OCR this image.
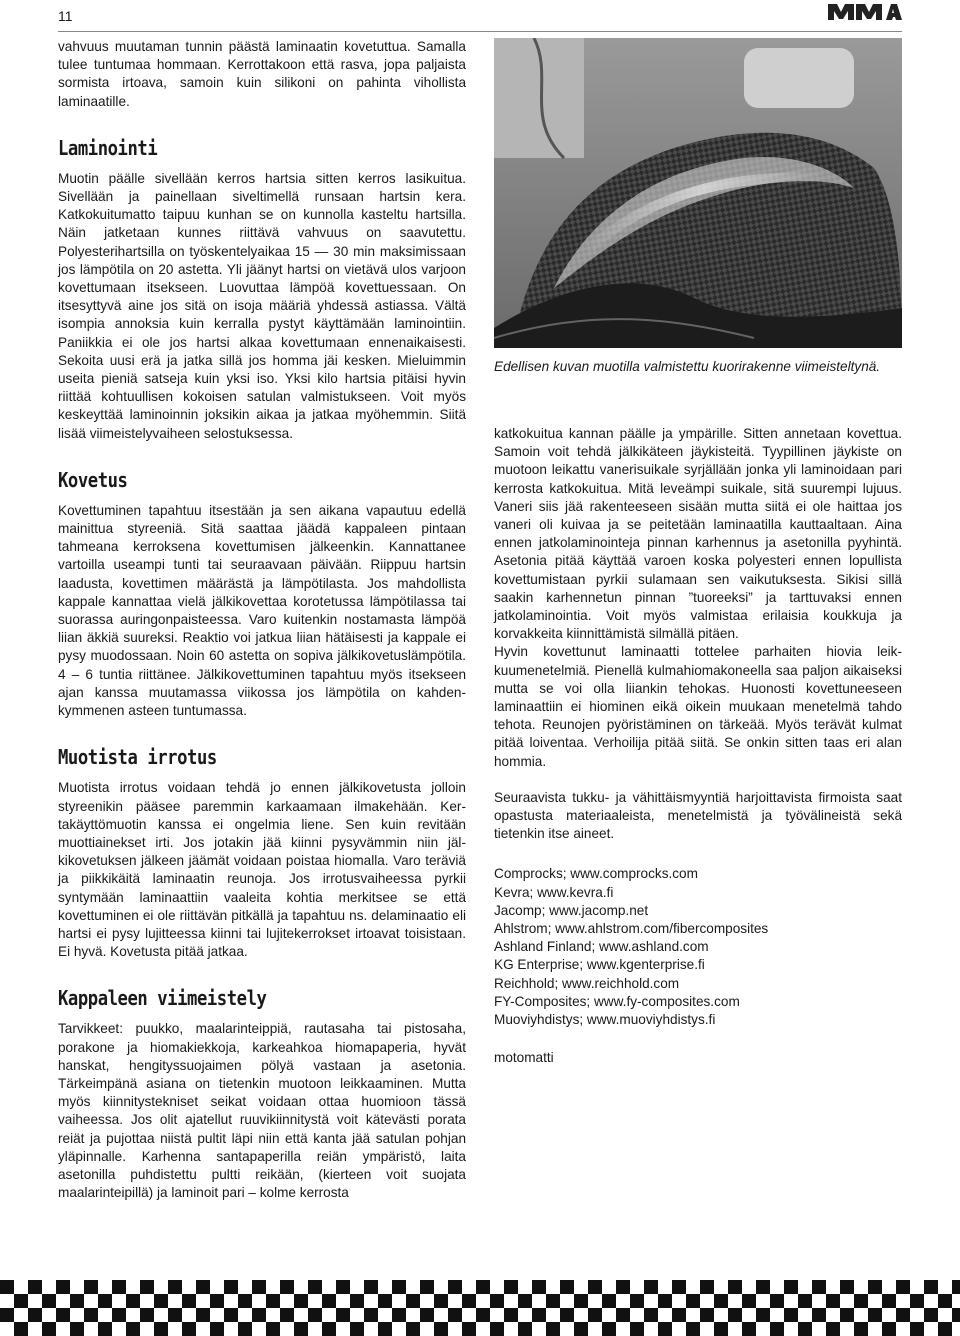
11

vahvuus muutaman tunnin päästä laminaatin kovetuttua. Samalla tulee tuntumaa hommaan. Kerrottakoon että rasva, jopa paljaista sormista irtoava, samoin kuin silikoni on pahinta vihollista laminaatille.

Laminointi

Muotin päälle sivellään kerros hartsia sitten kerros lasikuitua. Sivellään ja painellaan siveltimellä runsaan hartsin kera. Katkokuitumatto taipuu kunhan se on kunnolla kasteltu hartsilla. Näin jatketaan kunnes riittävä vahvuus on saavutettu. Polyesterihartsilla on työskentelyaikaa 15 — 30 min maksimissaan jos lämpötila on 20 astetta. Yli jäänyt hartsi on vietävä ulos varjoon kovettumaan itsekseen. Luovuttaa lämpöä kovettuessaan. On itsesyttyvä aine jos sitä on isoja määriä yhdessä astiassa. Vältä isompia annoksia kuin kerralla pystyt käyttämään laminointiin. Paniikkia ei ole jos hartsi alkaa kovettumaan ennenaikaisesti. Sekoita uusi erä ja jatka sillä jos homma jäi kesken. Mieluimmin useita pieniä satseja kuin yksi iso. Yksi kilo hartsia pitäisi hyvin riittää kohtuullisen kokoisen satulan valmistukseen. Voit myös keskeyttää laminoinnin joksikin aikaa ja jatkaa myöhemmin. Siitä lisää viimeistelyvaiheen selostuksessa.

Kovetus

Kovettuminen tapahtuu itsestään ja sen aikana vapautuu edellä mainittua styreeniä. Sitä saattaa jäädä kappaleen pintaan tahmeana kerroksena kovettumisen jälkeenkin. Kannattanee vartoilla useampi tunti tai seuraavaan päivään. Riippuu hartsin laadusta, kovettimen määrästä ja lämpötilasta. Jos mahdollista kappale kannattaa vielä jälkikovettaa korotetussa lämpötilassa tai suorassa auringonpaisteessa. Varo kuitenkin nostamasta lämpöä liian äkkiä suureksi. Reaktio voi jatkua liian hätäisesti ja kappale ei pysy muodossaan. Noin 60 astetta on sopiva jälkikovetuslämpötila. 4 – 6 tuntia riittänee. Jälkikovettuminen tapahtuu myös itsekseen ajan kanssa muutamassa viikossa jos lämpötila on kahdenkymmenen asteen tuntumassa.

Muotista irrotus

Muotista irrotus voidaan tehdä jo ennen jälkikovetusta jolloin styreenikin pääsee paremmin karkaamaan ilmakehään. Kertakäyttömuotin kanssa ei ongelmia liene. Sen kuin revitään muottiainekset irti. Jos jotakin jää kiinni pysyvämmin niin jälkikovetuksen jälkeen jäämät voidaan poistaa hiomalla. Varo teräviä ja piikkikäitä laminaatin reunoja. Jos irrotusvaiheessa pyrkii syntymään laminaattiin vaaleita kohtia merkitsee se että kovettuminen ei ole riittävän pitkällä ja tapahtuu ns. delaminaatio eli hartsi ei pysy lujitteessa kiinni tai lujitekerrokset irtoavat toisistaan. Ei hyvä. Kovetusta pitää jatkaa.

Kappaleen viimeistely

Tarvikkeet: puukko, maalarinteippiä, rautasaha tai pistosaha, porakone ja hiomakiekkoja, karkeahkoa hiomapaperia, hyvät hanskat, hengityssuojaimen pölyä vastaan ja asetonia. Tärkeimpänä asiana on tietenkin muotoon leikkaaminen. Mutta myös kiinnitystekniset seikat voidaan ottaa huomioon tässä vaiheessa. Jos olit ajatellut ruuvikiinnitystä voit kätevästi porata reiät ja pujottaa niistä pultit läpi niin että kanta jää satulan pohjan yläpinnalle. Karhenna santapaperilla reiän ympäristö, laita asetonilla puhdistettu pultti reikään, (kierteen voit suojata maalarinteipillä) ja laminoit pari – kolme kerrosta

Edellisen kuvan muotilla valmistettu kuorirakenne viimeisteltynä.

katkokuitua kannan päälle ja ympärille. Sitten annetaan kovettua. Samoin voit tehdä jälkikäteen jäykisteitä. Tyypillinen jäykiste on muotoon leikattu vanerisuikale syrjällään jonka yli laminoidaan pari kerrosta katkokuitua. Mitä leveämpi suikale, sitä suurempi lujuus. Vaneri siis jää rakenteeseen sisään mutta siitä ei ole haittaa jos vaneri oli kuivaa ja se peitetään laminaatilla kauttaaltaan. Aina ennen jatkolaminointeja pinnan karhennus ja asetonilla pyyhintä. Asetonia pitää käyttää varoen koska polyesteri ennen lopullista kovettumistaan pyrkii sulamaan sen vaikutuksesta. Sikisi sillä saakin karhennetun pinnan ”tuoreeksi” ja tarttuvaksi ennen jatkolaminointia. Voit myös valmistaa erilaisia koukkuja ja korvakkeita kiinnittämistä silmällä pitäen.

Hyvin kovettunut laminaatti tottelee parhaiten hiovia leikkuumenetelmiä. Pienellä kulmahiomakoneella saa paljon aikaiseksi mutta se voi olla liiankin tehokas. Huonosti kovettuneeseen laminaattiin ei hiominen eikä oikein muukaan menetelmä tahdo tehota. Reunojen pyöristäminen on tärkeää. Myös terävät kulmat pitää loiventaa. Verhoilija pitää siitä. Se onkin sitten taas eri alan hommia.

Seuraavista tukku- ja vähittäismyyntiä harjoittavista firmoista saat opastusta materiaaleista, menetelmistä ja työvälineistä sekä tietenkin itse aineet.

Comprocks; www.comprocks.com

Kevra; www.kevra.fi

Jacomp; www.jacomp.net

Ahlstrom; www.ahlstrom.com/fibercomposites

Ashland Finland; www.ashland.com

KG Enterprise; www.kgenterprise.fi

Reichhold; www.reichhold.com

FY-Composites; www.fy-composites.com

Muoviyhdistys; www.muoviyhdistys.fi

motomatti
